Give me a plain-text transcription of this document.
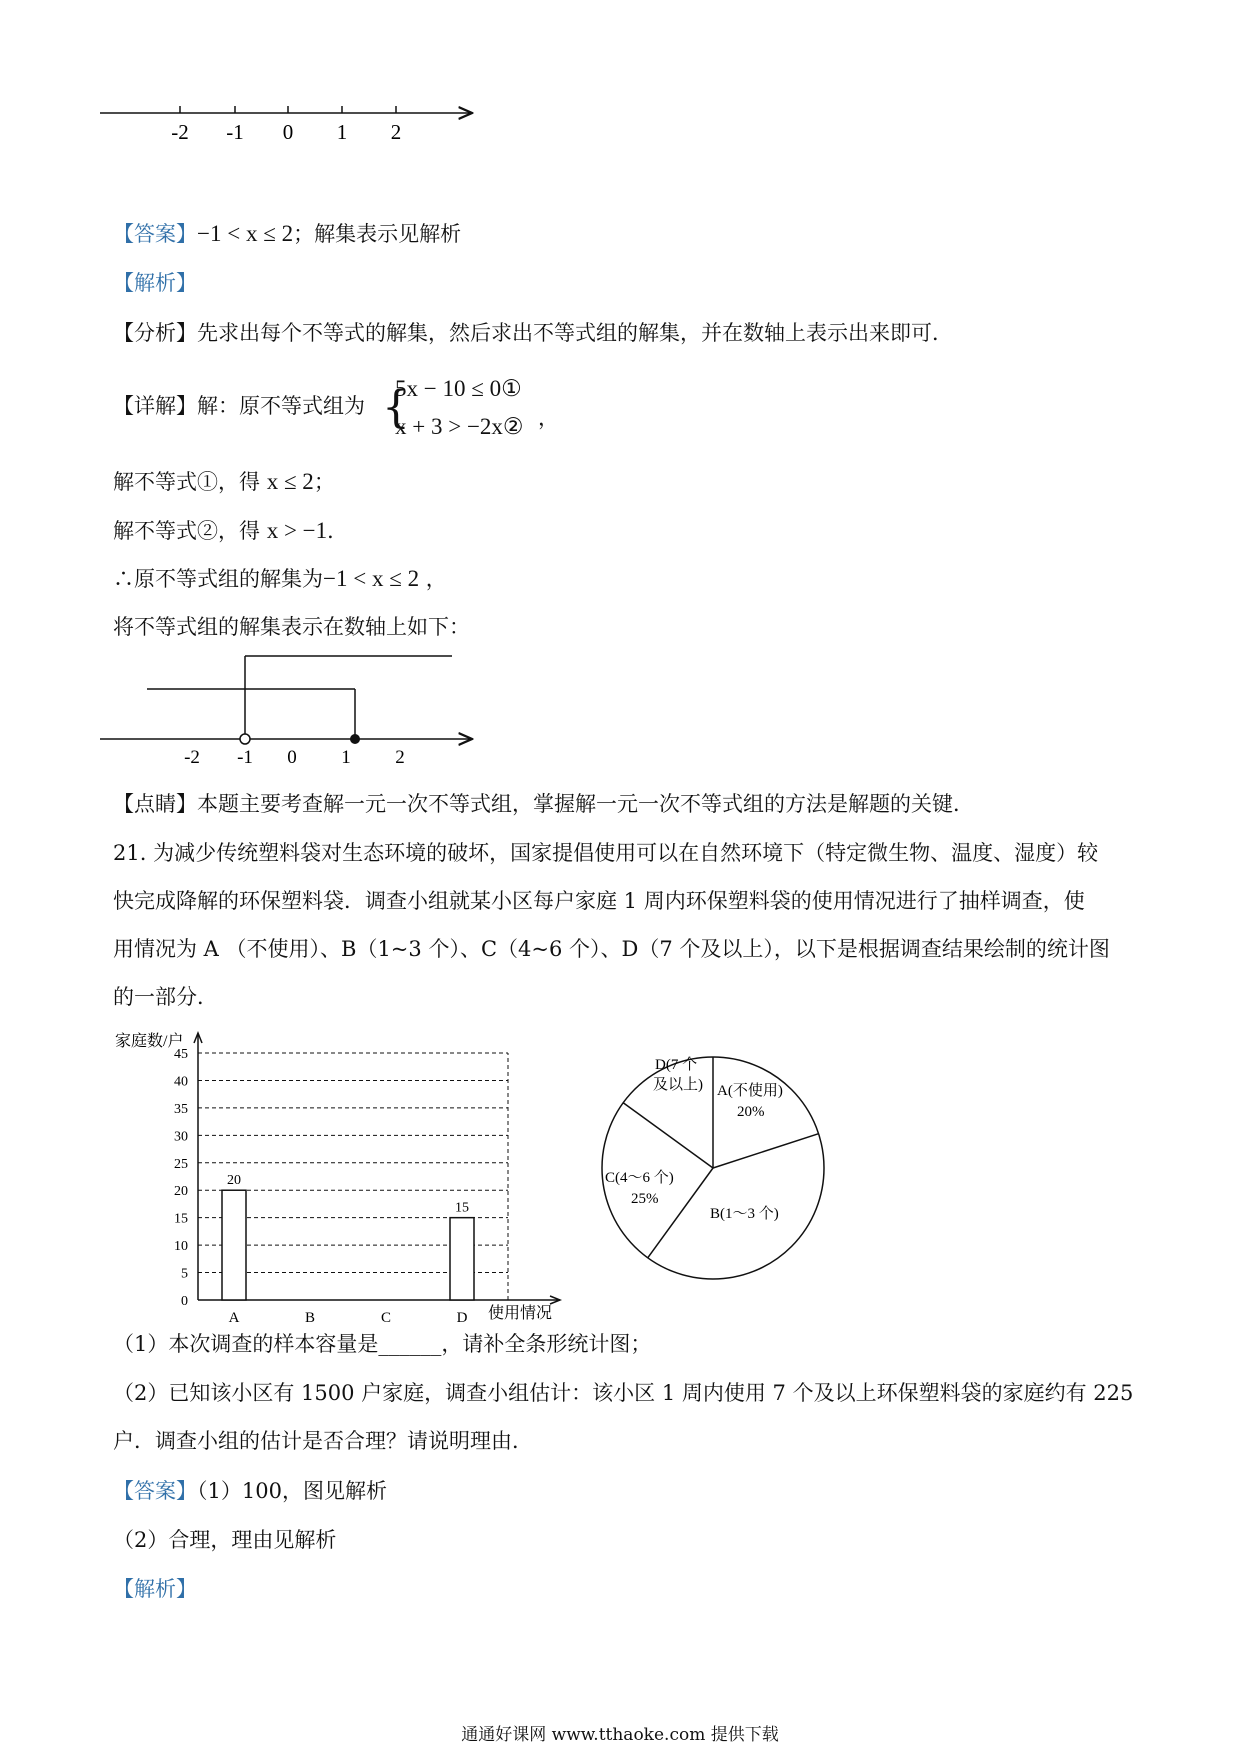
-2 -1 0 1 2
【答案】−1 < x ≤ 2；解集表示见解析
【解析】
【分析】先求出每个不等式的解集，然后求出不等式组的解集，并在数轴上表示出来即可．
【详解】解：原不等式组为 {
5x − 10 ≤ 0①
x + 3 > −2x② ，
解不等式①，得 x ≤ 2；
解不等式②，得 x > −1．
∴原不等式组的解集为−1 < x ≤ 2 ，
将不等式组的解集表示在数轴上如下：
-2 -1 0 1 2
【点睛】本题主要考查解一元一次不等式组，掌握解一元一次不等式组的方法是解题的关键．
21. 为减少传统塑料袋对生态环境的破坏，国家提倡使用可以在自然环境下（特定微生物、温度、湿度）较
快完成降解的环保塑料袋．调查小组就某小区每户家庭 1 周内环保塑料袋的使用情况进行了抽样调查，使
用情况为 A （不使用）、B（1~3 个）、C（4~6 个）、D（7 个及以上），以下是根据调查结果绘制的统计图
的一部分．
家庭数/户
0
5
10
15
20
25
30
35
40
45
20
15
A	B	C	D 使用情况
D(7 个
及以上) A(不使用)
20%
C(4～6 个)
25%
B(1～3 个)
（1）本次调查的样本容量是______，请补全条形统计图；
（2）已知该小区有 1500 户家庭，调查小组估计：该小区 1 周内使用 7 个及以上环保塑料袋的家庭约有 225
户．调查小组的估计是否合理？请说明理由．
【答案】（1）100，图见解析
（2）合理，理由见解析
【解析】
通通好课网 www.tthaoke.com 提供下载
